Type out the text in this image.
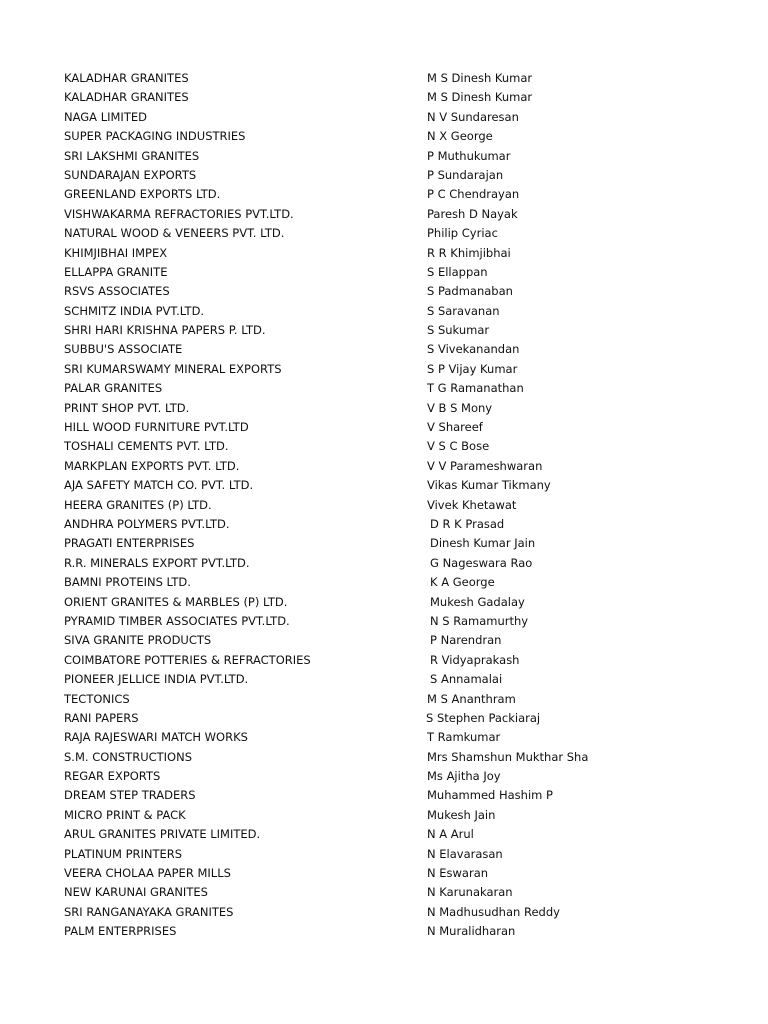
KALADHAR GRANITES	M S Dinesh Kumar
KALADHAR GRANITES	M S Dinesh Kumar
NAGA LIMITED	N V Sundaresan
SUPER PACKAGING INDUSTRIES	N X George
SRI LAKSHMI GRANITES	P Muthukumar
SUNDARAJAN EXPORTS	P Sundarajan
GREENLAND EXPORTS LTD.	P C Chendrayan
VISHWAKARMA REFRACTORIES PVT.LTD.	Paresh D Nayak
NATURAL WOOD & VENEERS PVT. LTD.	Philip Cyriac
KHIMJIBHAI IMPEX	R R Khimjibhai
ELLAPPA GRANITE	S Ellappan
RSVS ASSOCIATES	S Padmanaban
SCHMITZ INDIA PVT.LTD.	S Saravanan
SHRI HARI KRISHNA PAPERS P. LTD.	S Sukumar
SUBBU'S ASSOCIATE	S Vivekanandan
SRI KUMARSWAMY MINERAL EXPORTS	S P Vijay Kumar
PALAR GRANITES	T G Ramanathan
PRINT SHOP PVT. LTD.	V B S Mony
HILL WOOD FURNITURE PVT.LTD	V Shareef
TOSHALI CEMENTS PVT. LTD.	V S C Bose
MARKPLAN EXPORTS PVT. LTD.	V V Parameshwaran
AJA SAFETY MATCH CO. PVT. LTD.	Vikas Kumar Tikmany
HEERA GRANITES (P) LTD.	Vivek Khetawat
ANDHRA POLYMERS PVT.LTD.	D R K Prasad
PRAGATI ENTERPRISES	Dinesh Kumar Jain
R.R. MINERALS EXPORT PVT.LTD.	G Nageswara Rao
BAMNI PROTEINS LTD.	K A George
ORIENT GRANITES & MARBLES (P) LTD.	Mukesh Gadalay
PYRAMID TIMBER ASSOCIATES PVT.LTD.	N S Ramamurthy
SIVA GRANITE PRODUCTS	P Narendran
COIMBATORE POTTERIES & REFRACTORIES	R Vidyaprakash
PIONEER JELLICE INDIA PVT.LTD.	S Annamalai
TECTONICS	M S Ananthram
RANI PAPERS	S Stephen Packiaraj
RAJA RAJESWARI MATCH WORKS	T Ramkumar
S.M. CONSTRUCTIONS	Mrs Shamshun Mukthar Sha
REGAR EXPORTS	Ms Ajitha Joy
DREAM STEP TRADERS	Muhammed Hashim P
MICRO PRINT & PACK	Mukesh Jain
ARUL GRANITES PRIVATE LIMITED.	N A Arul
PLATINUM PRINTERS	N Elavarasan
VEERA CHOLAA PAPER MILLS	N Eswaran
NEW KARUNAI GRANITES	N Karunakaran
SRI RANGANAYAKA GRANITES	N Madhusudhan Reddy
PALM ENTERPRISES	N Muralidharan
